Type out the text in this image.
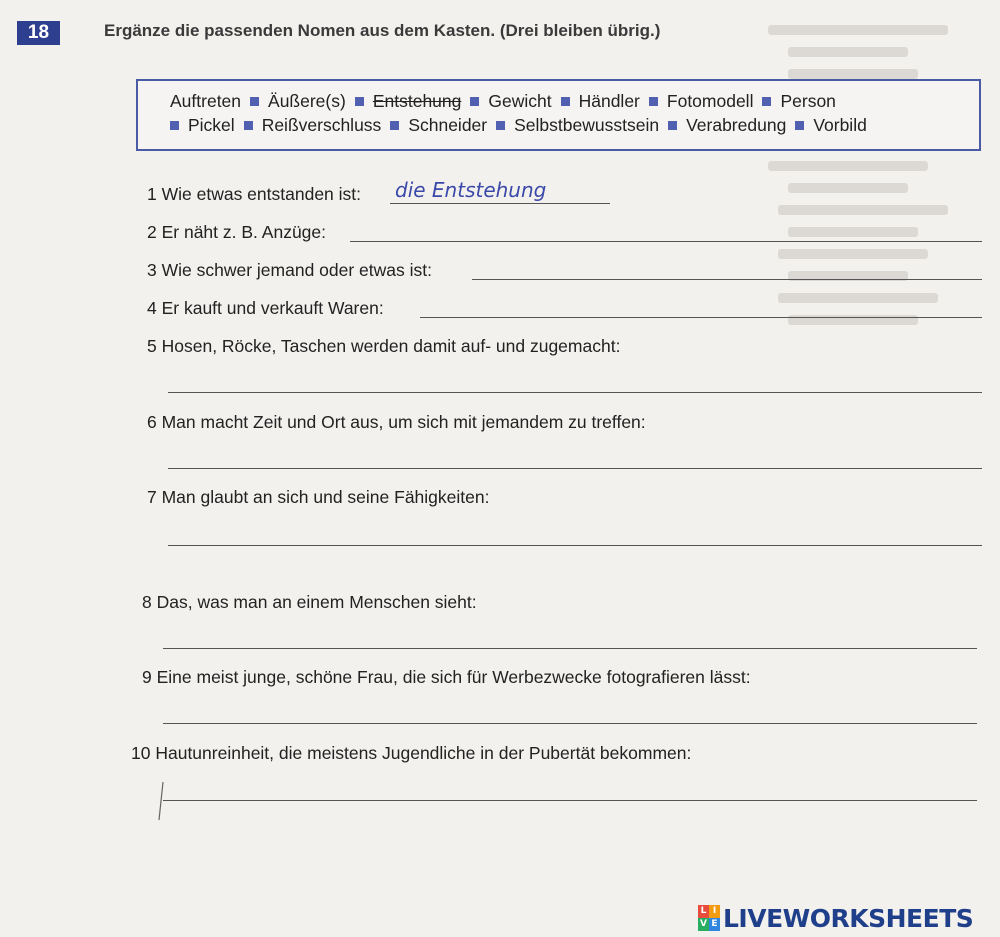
18	Ergänze die passenden Nomen aus dem Kasten. (Drei bleiben übrig.)
Auftreten Äußere(s) Entstehung Gewicht Händler Fotomodell Person
Pickel Reißverschluss Schneider Selbstbewusstsein Verabredung Vorbild
1 Wie etwas entstanden ist: die Entstehung
2 Er näht z. B. Anzüge:
3 Wie schwer jemand oder etwas ist:
4 Er kauft und verkauft Waren:
5 Hosen, Röcke, Taschen werden damit auf- und zugemacht:
6 Man macht Zeit und Ort aus, um sich mit jemandem zu treffen:
7 Man glaubt an sich und seine Fähigkeiten:
8 Das, was man an einem Menschen sieht:
9 Eine meist junge, schöne Frau, die sich für Werbezwecke fotografieren lässt:
10 Hautunreinheit, die meistens Jugendliche in der Pubertät bekommen:
L I
V E LIVEWORKSHEETS
